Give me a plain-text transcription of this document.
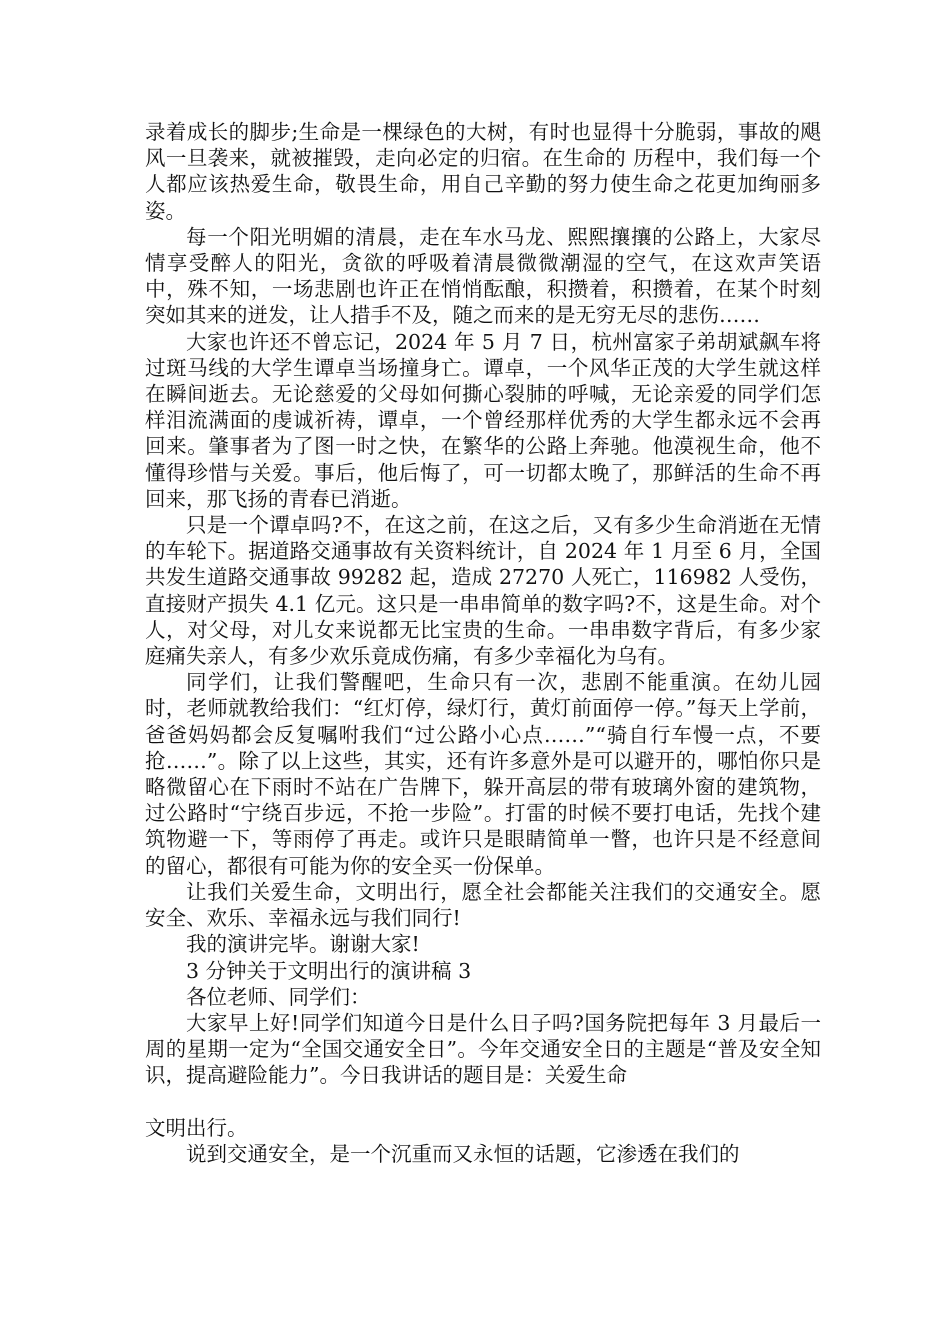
录着成长的脚步;生命是一棵绿色的大树，有时也显得十分脆弱，事故的飓风一旦袭来，就被摧毁，走向必定的归宿。在生命的 历程中，我们每一个人都应该热爱生命，敬畏生命，用自己辛勤的努力使生命之花更加绚丽多姿。

每一个阳光明媚的清晨，走在车水马龙、熙熙攘攘的公路上，大家尽情享受醉人的阳光，贪欲的呼吸着清晨微微潮湿的空气，在这欢声笑语中，殊不知，一场悲剧也许正在悄悄酝酿，积攒着，积攒着，在某个时刻突如其来的迸发，让人措手不及，随之而来的是无穷无尽的悲伤……

大家也许还不曾忘记，2024 年 5 月 7 日，杭州富家子弟胡斌飙车将过斑马线的大学生谭卓当场撞身亡。谭卓，一个风华正茂的大学生就这样在瞬间逝去。无论慈爱的父母如何撕心裂肺的呼喊，无论亲爱的同学们怎样泪流满面的虔诚祈祷，谭卓，一个曾经那样优秀的大学生都永远不会再回来。肇事者为了图一时之快，在繁华的公路上奔驰。他漠视生命，他不懂得珍惜与关爱。事后，他后悔了，可一切都太晚了，那鲜活的生命不再回来，那飞扬的青春已消逝。

只是一个谭卓吗?不，在这之前，在这之后，又有多少生命消逝在无情的车轮下。据道路交通事故有关资料统计，自 2024 年 1 月至 6 月，全国共发生道路交通事故 99282 起，造成 27270 人死亡，116982 人受伤，直接财产损失 4.1 亿元。这只是一串串简单的数字吗?不，这是生命。对个人，对父母，对儿女来说都无比宝贵的生命。一串串数字背后，有多少家庭痛失亲人，有多少欢乐竟成伤痛，有多少幸福化为乌有。

同学们，让我们警醒吧，生命只有一次，悲剧不能重演。在幼儿园时，老师就教给我们：“红灯停，绿灯行，黄灯前面停一停。”每天上学前，爸爸妈妈都会反复嘱咐我们“过公路小心点……”“骑自行车慢一点，不要抢……”。除了以上这些，其实，还有许多意外是可以避开的，哪怕你只是略微留心在下雨时不站在广告牌下，躲开高层的带有玻璃外窗的建筑物，过公路时“宁绕百步远，不抢一步险”。打雷的时候不要打电话，先找个建筑物避一下，等雨停了再走。或许只是眼睛简单一瞥，也许只是不经意间的留心，都很有可能为你的安全买一份保单。

让我们关爱生命，文明出行，愿全社会都能关注我们的交通安全。愿安全、欢乐、幸福永远与我们同行!

我的演讲完毕。谢谢大家!

3 分钟关于文明出行的演讲稿 3

各位老师、同学们：

大家早上好!同学们知道今日是什么日子吗?国务院把每年 3 月最后一周的星期一定为“全国交通安全日”。今年交通安全日的主题是“普及安全知识，提高避险能力”。今日我讲话的题目是：关爱生命

文明出行。

说到交通安全，是一个沉重而又永恒的话题，它渗透在我们的
